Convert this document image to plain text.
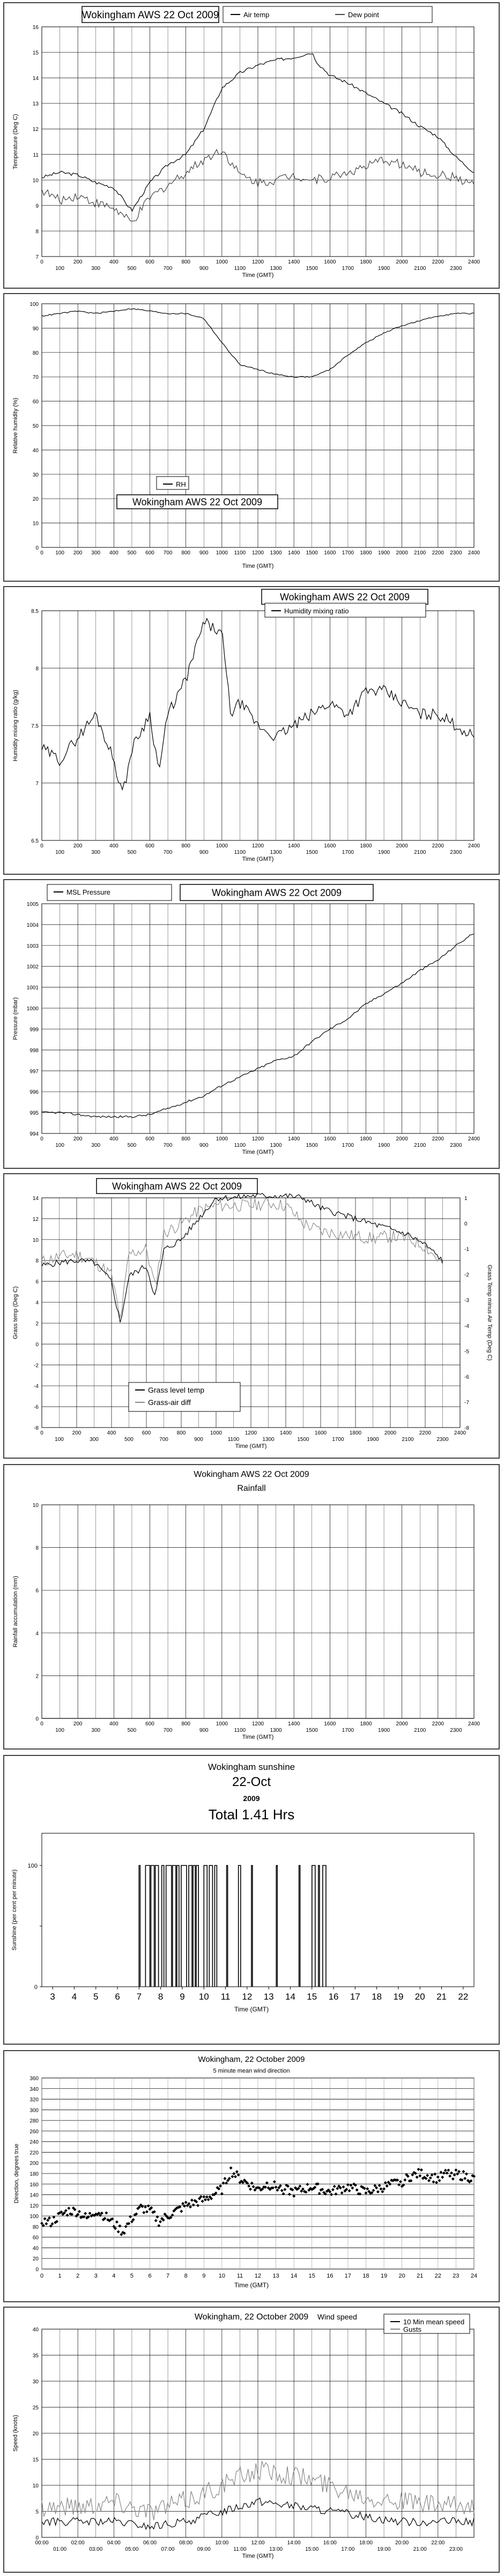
7
8
9
10
11
12
13
14
15
16
0	200	400	600	800	1000	1200	1400	1600	1800	2000	2200	2400
100	300	500	700	900	1100	1300	1500	1700	1900	2100	2300
Time (GMT)
Temperature (Deg C)
Wokingham AWS 22 Oct 2009	Air temp	Dew point
0
10
20
30
40
50
60
70
80
90
100
200	400	600	800	1000	1200	1400	1600	1800	2000	2200	2400
0 100	300	500	700	900	1100	1300	1500	1700	1900	2100	2300
Time (GMT)
Relative humidity (%)
Wokingham AWS 22 Oct 2009
RH
6.5
7
7.5
8
8.5
0	200	400	600	800	1000	1200	1400	1600	1800	2000	2200	2400
100	300	500	700	900	1100	1300	1500	1700	1900	2100	2300
Time (GMT)
Humidity mixing ratio (g/kg)
Wokingham AWS 22 Oct 2009
Humidity mixing ratio
994
995
996
997
998
999
1000
1001
1002
1003
1004
1005
0	200	400	600	800	1000	1200	1400	1600	1800	2000	2200	2400
100	300	500	700	900	1100	1300	1500	1700	1900	2100	2300
Time (GMT)
Pressure (mbar)
Wokingham AWS 22 Oct 2009
MSL Pressure
-8
-6
-4
-2
0
2
4
6
8
10
12
14
0	200	400	600	800	1000	1200	1400	1600	1800	2000	2200	2400
100	300	500	700	900	1100	1300	1500	1700	1900	2100	2300
Time (GMT)
Grass temp (Deg C)
-8
-7
-6
-5
-4
-3
-2
-1
0
1
Grass Temp minus Air Temp (Deg C)
Wokingham AWS 22 Oct 2009
Grass level temp
Grass-air diff
0
2
4
6
8
10
0	200	400	600	800	1000	1200	1400	1600	1800	2000	2200	2400
100	300	500	700	900	1100	1300	1500	1700	1900	2100	2300
Time (GMT)
Rainfall accumulation (mm)
Wokingham AWS 22 Oct 2009
Rainfall
Wokingham sunshine
22-Oct
2009
Total 1.41 Hrs
0
100
3 4 5 6 7 8 9 10 11 12 13 14 15 16 17 18 19 20 21 22
Time (GMT)
Sunshine (per cent per minute)
Wokingham, 22 October 2009
5 minute mean wind direction
0
20
40
60
80
100
120
140
160
180
200
220
240
260
280
300
320
340
360
0 1 2 3 4 5 6 7 8 9 10 11 12 13 14 15 16 17 18 19 20 21 22 23 24
Time (GMT)
Direction, degrees true
0
5
10
15
20
25
30
35
40
00:00	02:00	04:00	06:00	08:00	10:00	12:00	14:00	16:00	18:00	20:00	22:00
01:00	03:00	05:00	07:00	09:00	11:00	13:00	15:00	17:00	19:00	21:00	23:00
Time (GMT)
Speed (knots)
Wokingham, 22 October 2009 Wind speed
10 Min mean speed
Gusts
